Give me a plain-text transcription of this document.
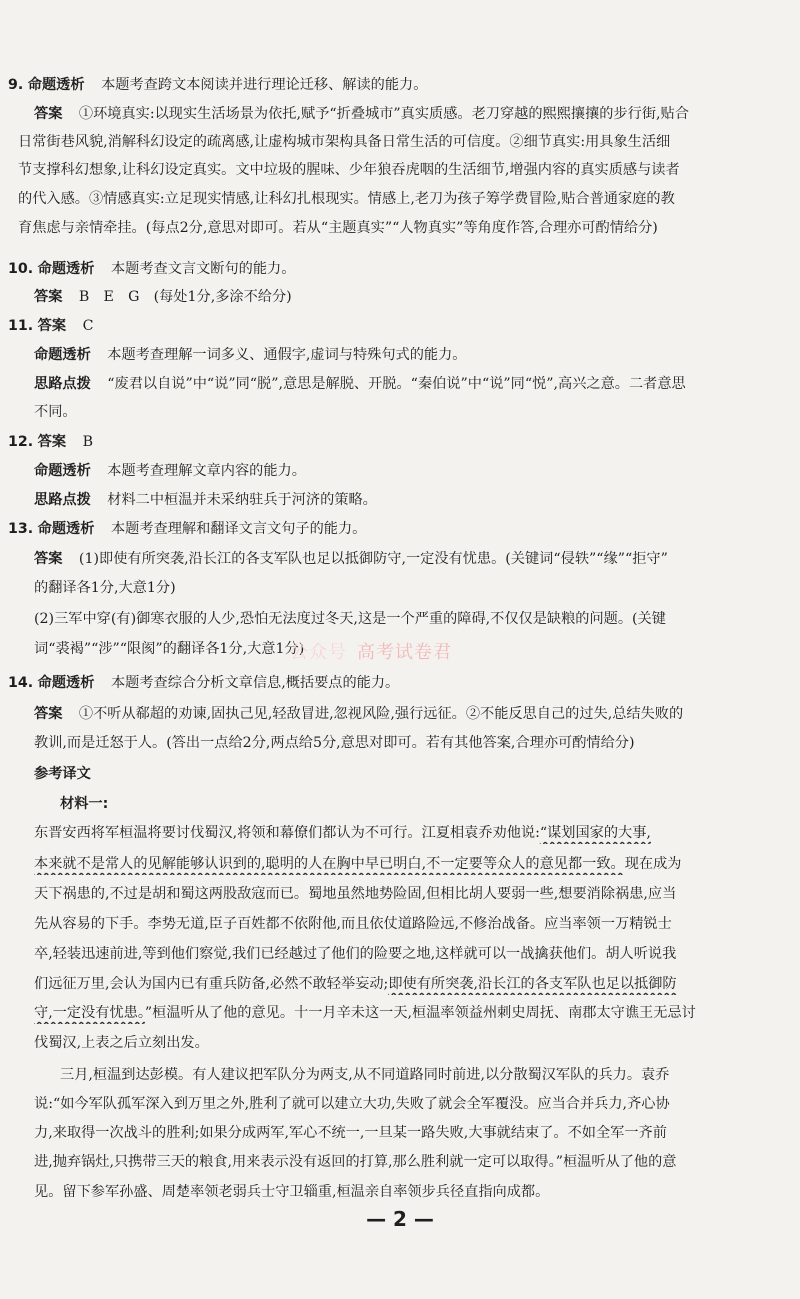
9. 命题透析 本题考查跨文本阅读并进行理论迁移、解读的能力。
答案 ①环境真实:以现实生活场景为依托,赋予“折叠城市”真实质感。老刀穿越的熙熙攘攘的步行街,贴合
日常街巷风貌,消解科幻设定的疏离感,让虚构城市架构具备日常生活的可信度。②细节真实:用具象生活细
节支撑科幻想象,让科幻设定真实。文中垃圾的腥味、少年狼吞虎咽的生活细节,增强内容的真实质感与读者
的代入感。③情感真实:立足现实情感,让科幻扎根现实。情感上,老刀为孩子筹学费冒险,贴合普通家庭的教
育焦虑与亲情牵挂。(每点2分,意思对即可。若从“主题真实”“人物真实”等角度作答,合理亦可酌情给分)
10. 命题透析 本题考查文言文断句的能力。
答案 B　E　G　(每处1分,多涂不给分)
11. 答案 C
命题透析 本题考查理解一词多义、通假字,虚词与特殊句式的能力。
思路点拨 “废君以自说”中“说”同“脱”,意思是解脱、开脱。“秦伯说”中“说”同“悦”,高兴之意。二者意思
不同。
12. 答案 B
命题透析 本题考查理解文章内容的能力。
思路点拨 材料二中桓温并未采纳驻兵于河济的策略。
13. 命题透析 本题考查理解和翻译文言文句子的能力。
答案 (1)即使有所突袭,沿长江的各支军队也足以抵御防守,一定没有忧患。(关键词“侵轶”“缘”“拒守”
的翻译各1分,大意1分)
(2)三军中穿(有)御寒衣服的人少,恐怕无法度过冬天,这是一个严重的障碍,不仅仅是缺粮的问题。(关键
词“裘褐”“涉”“限阂”的翻译各1分,大意1分)
公众号 高考试卷君
14. 命题透析 本题考查综合分析文章信息,概括要点的能力。
答案 ①不听从郗超的劝谏,固执己见,轻敌冒进,忽视风险,强行远征。②不能反思自己的过失,总结失败的
教训,而是迁怒于人。(答出一点给2分,两点给5分,意思对即可。若有其他答案,合理亦可酌情给分)
参考译文
材料一:
东晋安西将军桓温将要讨伐蜀汉,将领和幕僚们都认为不可行。江夏相袁乔劝他说:“谋划国家的大事,
本来就不是常人的见解能够认识到的,聪明的人在胸中早已明白,不一定要等众人的意见都一致。现在成为
天下祸患的,不过是胡和蜀这两股敌寇而已。蜀地虽然地势险固,但相比胡人要弱一些,想要消除祸患,应当
先从容易的下手。李势无道,臣子百姓都不依附他,而且依仗道路险远,不修治战备。应当率领一万精锐士
卒,轻装迅速前进,等到他们察觉,我们已经越过了他们的险要之地,这样就可以一战擒获他们。胡人听说我
们远征万里,会认为国内已有重兵防备,必然不敢轻举妄动;即使有所突袭,沿长江的各支军队也足以抵御防
守,一定没有忧患。”桓温听从了他的意见。十一月辛未这一天,桓温率领益州刺史周抚、南郡太守谯王无忌讨
伐蜀汉,上表之后立刻出发。
三月,桓温到达彭模。有人建议把军队分为两支,从不同道路同时前进,以分散蜀汉军队的兵力。袁乔
说:“如今军队孤军深入到万里之外,胜利了就可以建立大功,失败了就会全军覆没。应当合并兵力,齐心协
力,来取得一次战斗的胜利;如果分成两军,军心不统一,一旦某一路失败,大事就结束了。不如全军一齐前
进,抛弃锅灶,只携带三天的粮食,用来表示没有返回的打算,那么胜利就一定可以取得。”桓温听从了他的意
见。留下参军孙盛、周楚率领老弱兵士守卫辎重,桓温亲自率领步兵径直指向成都。
— 2 —
